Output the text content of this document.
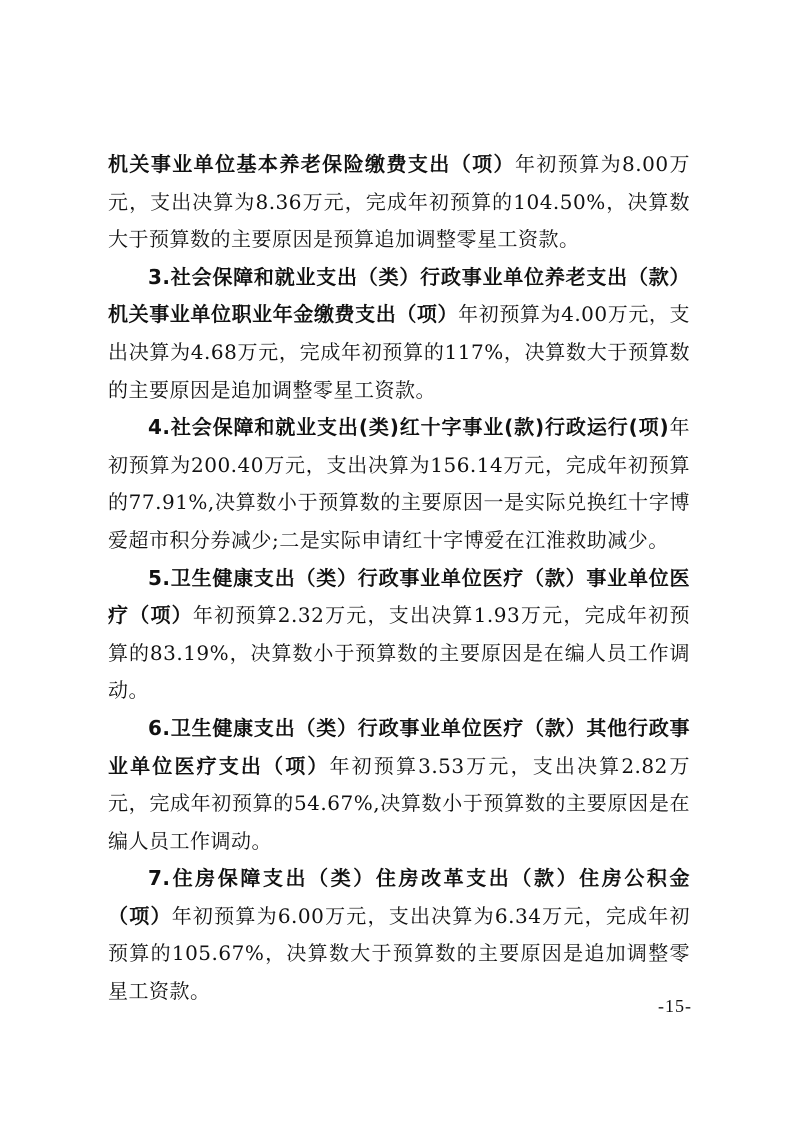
机关事业单位基本养老保险缴费支出（项）年初预算为8.00万元，支出决算为8.36万元，完成年初预算的104.50%，决算数大于预算数的主要原因是预算追加调整零星工资款。

3.社会保障和就业支出（类）行政事业单位养老支出（款）机关事业单位职业年金缴费支出（项）年初预算为4.00万元，支出决算为4.68万元，完成年初预算的117%，决算数大于预算数的主要原因是追加调整零星工资款。

4.社会保障和就业支出(类)红十字事业(款)行政运行(项)年初预算为200.40万元，支出决算为156.14万元，完成年初预算的77.91%,决算数小于预算数的主要原因一是实际兑换红十字博爱超市积分券减少;二是实际申请红十字博爱在江淮救助减少。

5.卫生健康支出（类）行政事业单位医疗（款）事业单位医疗（项）年初预算2.32万元，支出决算1.93万元，完成年初预算的83.19%，决算数小于预算数的主要原因是在编人员工作调动。

6.卫生健康支出（类）行政事业单位医疗（款）其他行政事业单位医疗支出（项）年初预算3.53万元，支出决算2.82万元，完成年初预算的54.67%,决算数小于预算数的主要原因是在编人员工作调动。

7.住房保障支出（类）住房改革支出（款）住房公积金（项）年初预算为6.00万元，支出决算为6.34万元，完成年初预算的105.67%，决算数大于预算数的主要原因是追加调整零星工资款。

-15-
